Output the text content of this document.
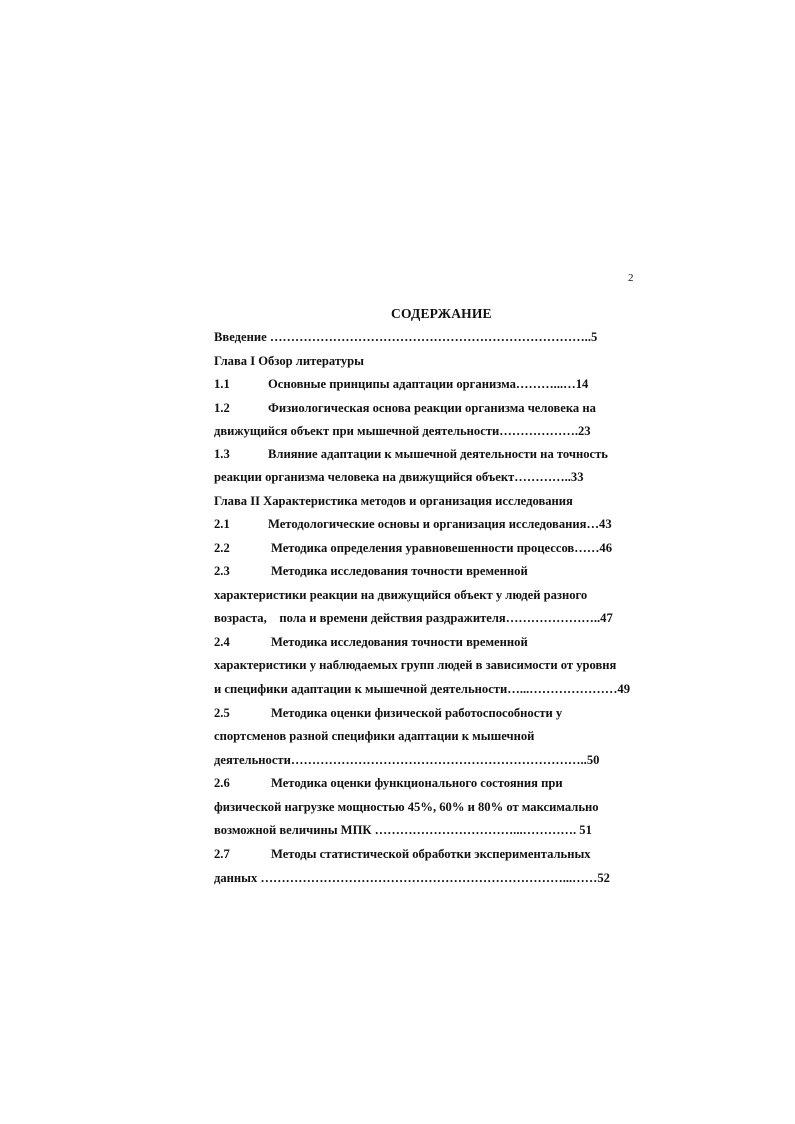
2
СОДЕРЖАНИЕ
Введение …………………………………………………………………..5
Глава I Обзор литературы
1.1	Основные принципы адаптации организма………...…14
1.2	Физиологическая основа реакции организма человека на
движущийся объект при мышечной деятельности……………….23
1.3	Влияние адаптации к мышечной деятельности на точность
реакции организма человека на движущийся объект…………..33
Глава II Характеристика методов и организация исследования
2.1	Методологические основы и организация исследования…43
2.2	Методика определения уравновешенности процессов……46
2.3	Методика исследования точности временной
характеристики реакции на движущийся объект у людей разного
возраста,    пола и времени действия раздражителя…………………..47
2.4	Методика исследования точности временной
характеристики у наблюдаемых групп людей в зависимости от уровня
и специфики адаптации к мышечной деятельности…...…………………49
2.5	Методика оценки физической работоспособности у
спортсменов разной специфики адаптации к мышечной
деятельности……………………………………………………………..50
2.6	Методика оценки функционального состояния при
физической нагрузке мощностью 45%, 60% и 80% от максимально
возможной величины МПК ……………………………...…………. 51
2.7	Методы статистической обработки экспериментальных
данных ………………………………………………………………...……52
